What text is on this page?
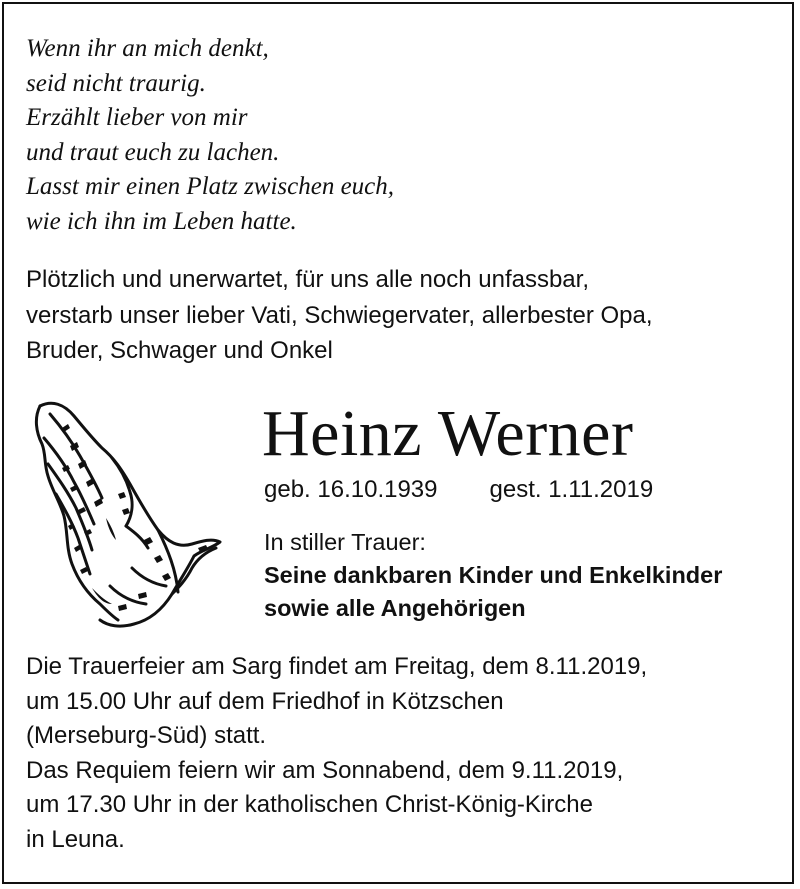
Wenn ihr an mich denkt,
seid nicht traurig.
Erzählt lieber von mir
und traut euch zu lachen.
Lasst mir einen Platz zwischen euch,
wie ich ihn im Leben hatte.
Plötzlich und unerwartet, für uns alle noch unfassbar,
verstarb unser lieber Vati, Schwiegervater, allerbester Opa,
Bruder, Schwager und Onkel
Heinz Werner
geb. 16.10.1939 gest. 1.11.2019
In stiller Trauer:
Seine dankbaren Kinder und Enkelkinder
sowie alle Angehörigen
Die Trauerfeier am Sarg findet am Freitag, dem 8.11.2019,
um 15.00 Uhr auf dem Friedhof in Kötzschen
(Merseburg-Süd) statt.
Das Requiem feiern wir am Sonnabend, dem 9.11.2019,
um 17.30 Uhr in der katholischen Christ-König-Kirche
in Leuna.
